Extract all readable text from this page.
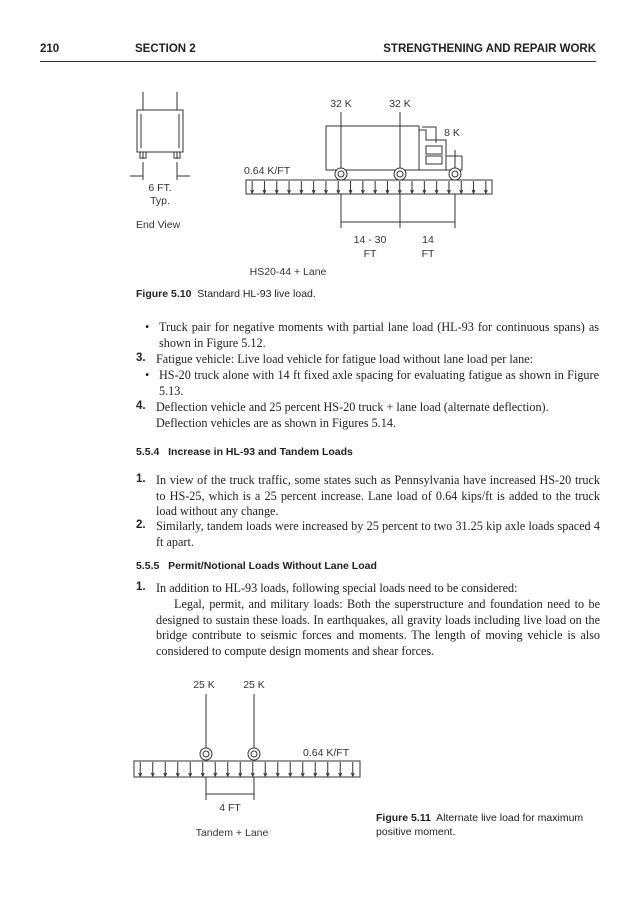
210	SECTION 2	STRENGTHENING AND REPAIR WORK
6 FT.
Typ.
End View
32 K	32 K
8 K
0.64 K/FT
14 - 30
FT
14
FT
HS20-44 + Lane
Figure 5.10 Standard HL-93 live load.
• Truck pair for negative moments with partial lane load (HL-93 for continuous spans) as shown in Figure 5.12.
3. Fatigue vehicle: Live load vehicle for fatigue load without lane load per lane:
• HS-20 truck alone with 14 ft fixed axle spacing for evaluating fatigue as shown in Figure 5.13.
4. Deflection vehicle and 25 percent HS-20 truck + lane load (alternate deflection).
Deflection vehicles are as shown in Figures 5.14.
5.5.4 Increase in HL-93 and Tandem Loads
1. In view of the truck traffic, some states such as Pennsylvania have increased HS-20 truck to HS-25, which is a 25 percent increase. Lane load of 0.64 kips/ft is added to the truck load without any change.
2. Similarly, tandem loads were increased by 25 percent to two 31.25 kip axle loads spaced 4 ft apart.
5.5.5 Permit/Notional Loads Without Lane Load
1. In addition to HL-93 loads, following special loads need to be considered:
Legal, permit, and military loads: Both the superstructure and foundation need to be designed to sustain these loads. In earthquakes, all gravity loads including live load on the bridge contribute to seismic forces and moments. The length of moving vehicle is also considered to compute design moments and shear forces.
25 K	25 K
0.64 K/FT
4 FT
Tandem + Lane
Figure 5.11 Alternate live load for maximum positive moment.
